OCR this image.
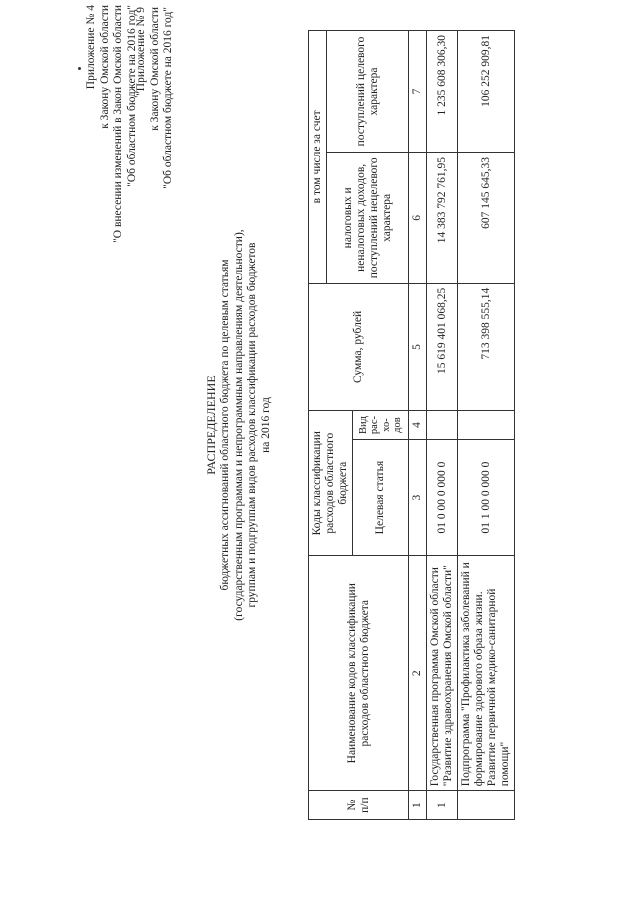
Приложение № 4 к Закону Омской области "О внесении изменений в Закон Омской области "Об областном бюджете на 2016 год"
"Приложение № 9 к Закону Омской области "Об областном бюджете на 2016 год"
РАСПРЕДЕЛЕНИЕ бюджетных ассигнований областного бюджета по целевым статьям (государственным программам и непрограммным направлениям деятельности), группам и подгруппам видов расходов классификации расходов бюджетов на 2016 год
№ п/п	Наименование кодов классификации расходов областного бюджета	Коды классификации расходов областного бюджета		Сумма, рублей	в том числе за счет	
					налоговых и неналоговых доходов, поступлений нецелевого характера	поступлений целевого характера
		Целевая статья	Вид рас-хо-дов			
1	2	3	4	5	6	7
1	Государственная программа Омской области "Развитие здравоохранения Омской области"	01 0 00 0 000 0		15 619 401 068,25	14 383 792 761,95	1 235 608 306,30
	Подпрограмма "Профилактика заболеваний и формирование здорового образа жизни. Развитие первичной медико-санитарной помощи"	01 1 00 0 000 0		713 398 555,14	607 145 645,33	106 252 909,81
